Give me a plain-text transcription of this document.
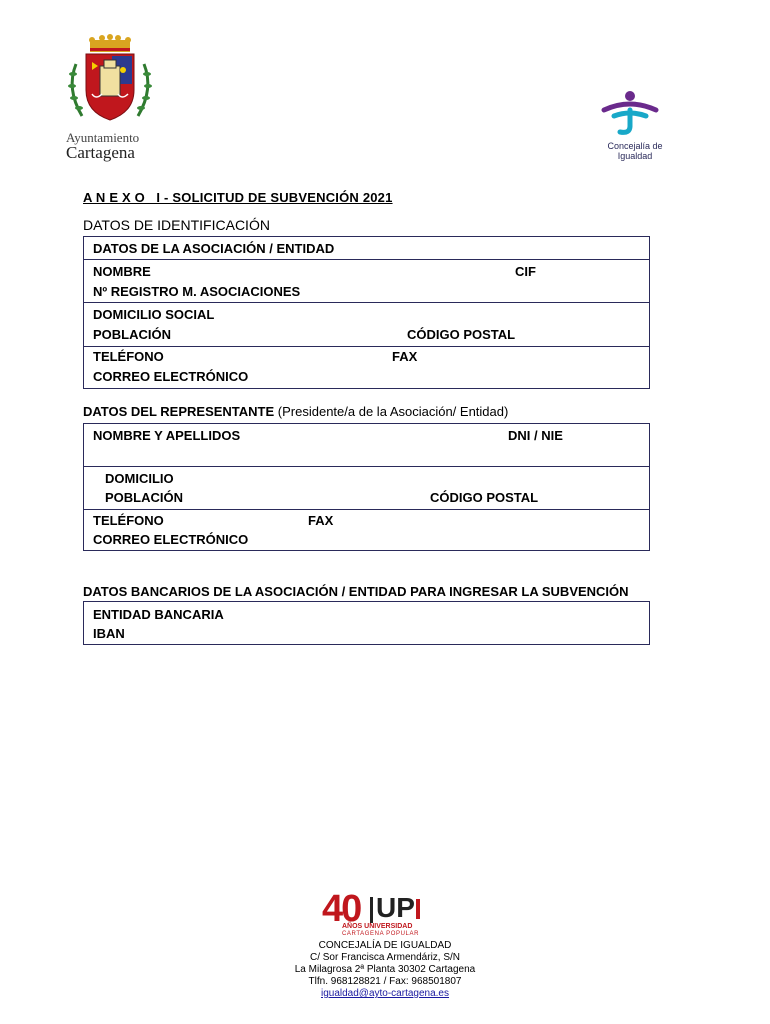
Ayuntamiento
Cartagena	Concejalía de Igualdad
A N E X O   I - SOLICITUD DE SUBVENCIÓN 2021
DATOS DE IDENTIFICACIÓN
DATOS DE LA ASOCIACIÓN / ENTIDAD
NOMBRE	CIF
Nº REGISTRO M. ASOCIACIONES
DOMICILIO SOCIAL
POBLACIÓN	CÓDIGO POSTAL
TELÉFONO	FAX
CORREO ELECTRÓNICO
DATOS DEL REPRESENTANTE (Presidente/a de la Asociación/ Entidad)
NOMBRE Y APELLIDOS	DNI / NIE
DOMICILIO
POBLACIÓN	CÓDIGO POSTAL
TELÉFONO	FAX
CORREO ELECTRÓNICO
DATOS BANCARIOS DE LA ASOCIACIÓN / ENTIDAD PARA INGRESAR LA SUBVENCIÓN
ENTIDAD BANCARIA
IBAN
40 UP
AÑOS UNIVERSIDAD
CARTAGENA POPULAR
CONCEJALÍA DE IGUALDAD
C/ Sor Francisca Armendáriz, S/N
La Milagrosa 2ª Planta 30302 Cartagena
Tlfn. 968128821 / Fax: 968501807
igualdad@ayto-cartagena.es
